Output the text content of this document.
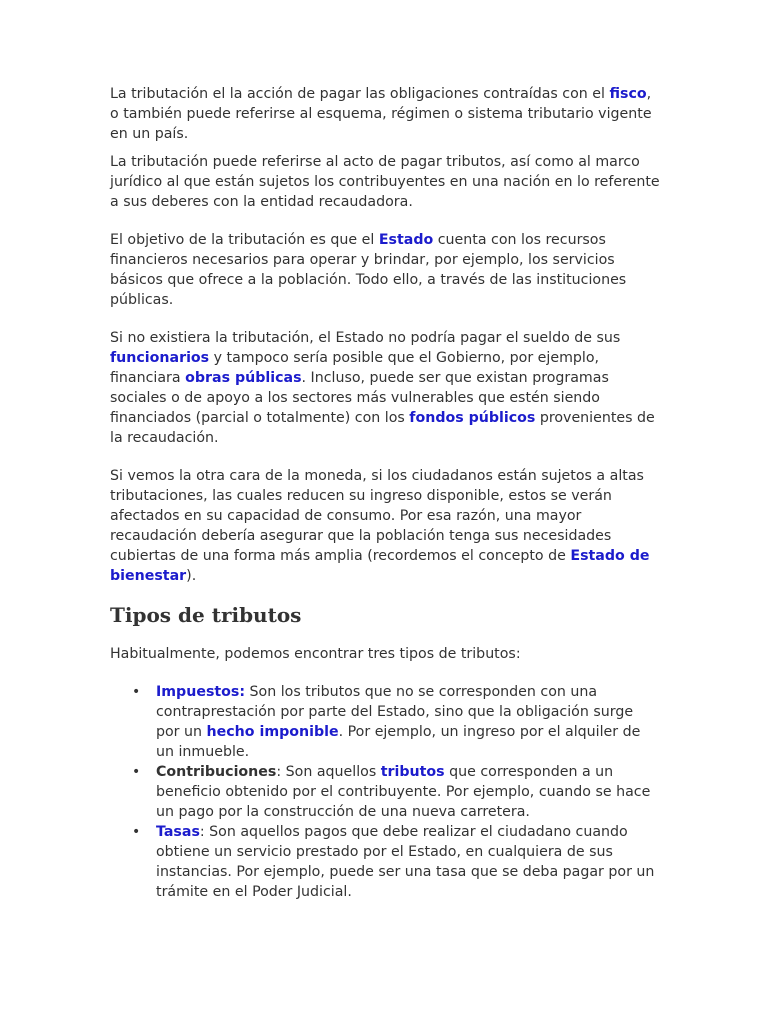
La tributación el la acción de pagar las obligaciones contraídas con el fisco, o también puede referirse al esquema, régimen o sistema tributario vigente en un país.

La tributación puede referirse al acto de pagar tributos, así como al marco jurídico al que están sujetos los contribuyentes en una nación en lo referente a sus deberes con la entidad recaudadora.

El objetivo de la tributación es que el Estado cuenta con los recursos financieros necesarios para operar y brindar, por ejemplo, los servicios básicos que ofrece a la población. Todo ello, a través de las instituciones públicas.

Si no existiera la tributación, el Estado no podría pagar el sueldo de sus funcionarios y tampoco sería posible que el Gobierno, por ejemplo, financiara obras públicas. Incluso, puede ser que existan programas sociales o de apoyo a los sectores más vulnerables que estén siendo financiados (parcial o totalmente) con los fondos públicos provenientes de la recaudación.

Si vemos la otra cara de la moneda, si los ciudadanos están sujetos a altas tributaciones, las cuales reducen su ingreso disponible, estos se verán afectados en su capacidad de consumo. Por esa razón, una mayor recaudación debería asegurar que la población tenga sus necesidades cubiertas de una forma más amplia (recordemos el concepto de Estado de bienestar).

Tipos de tributos

Habitualmente, podemos encontrar tres tipos de tributos:

• Impuestos: Son los tributos que no se corresponden con una contraprestación por parte del Estado, sino que la obligación surge por un hecho imponible. Por ejemplo, un ingreso por el alquiler de un inmueble.
• Contribuciones: Son aquellos tributos que corresponden a un beneficio obtenido por el contribuyente. Por ejemplo, cuando se hace un pago por la construcción de una nueva carretera.
• Tasas: Son aquellos pagos que debe realizar el ciudadano cuando obtiene un servicio prestado por el Estado, en cualquiera de sus instancias. Por ejemplo, puede ser una tasa que se deba pagar por un trámite en el Poder Judicial.
